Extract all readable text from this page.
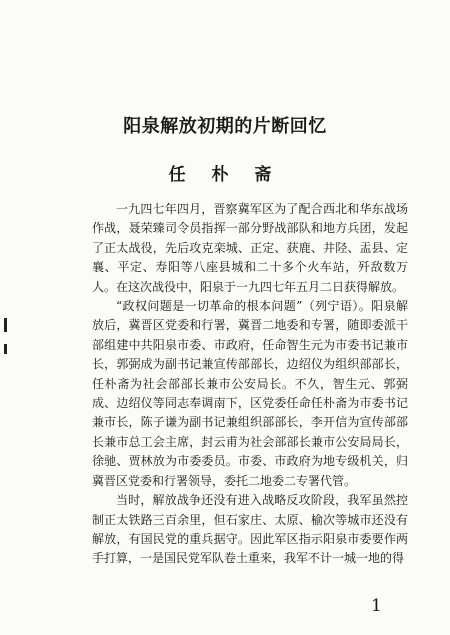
阳泉解放初期的片断回忆
任 朴 斋

一九四七年四月，晋察冀军区为了配合西北和华东战场作战，聂荣臻司令员指挥一部分野战部队和地方兵团，发起了正太战役，先后攻克栾城、正定、获鹿、井陉、盂县、定襄、平定、寿阳等八座县城和二十多个火车站，歼敌数万人。在这次战役中，阳泉于一九四七年五月二日获得解放。

“政权问题是一切革命的根本问题”（列宁语）。阳泉解放后，冀晋区党委和行署，冀晋二地委和专署，随即委派干部组建中共阳泉市委、市政府，任命智生元为市委书记兼市长，郭弼成为副书记兼宣传部部长，边绍仪为组织部部长，任朴斋为社会部部长兼市公安局长。不久，智生元、郭弼成、边绍仪等同志奉调南下，区党委任命任朴斋为市委书记兼市长，陈子谦为副书记兼组织部部长，李开信为宣传部部长兼市总工会主席，封云甫为社会部部长兼市公安局局长，徐驰、贾林放为市委委员。市委、市政府为地专级机关，归冀晋区党委和行署领导，委托二地委二专署代管。

当时，解放战争还没有进入战略反攻阶段，我军虽然控制正太铁路三百余里，但石家庄、太原、榆次等城市还没有解放，有国民党的重兵据守。因此军区指示阳泉市委要作两手打算，一是国民党军队卷土重来，我军不计一城一地的得

1
